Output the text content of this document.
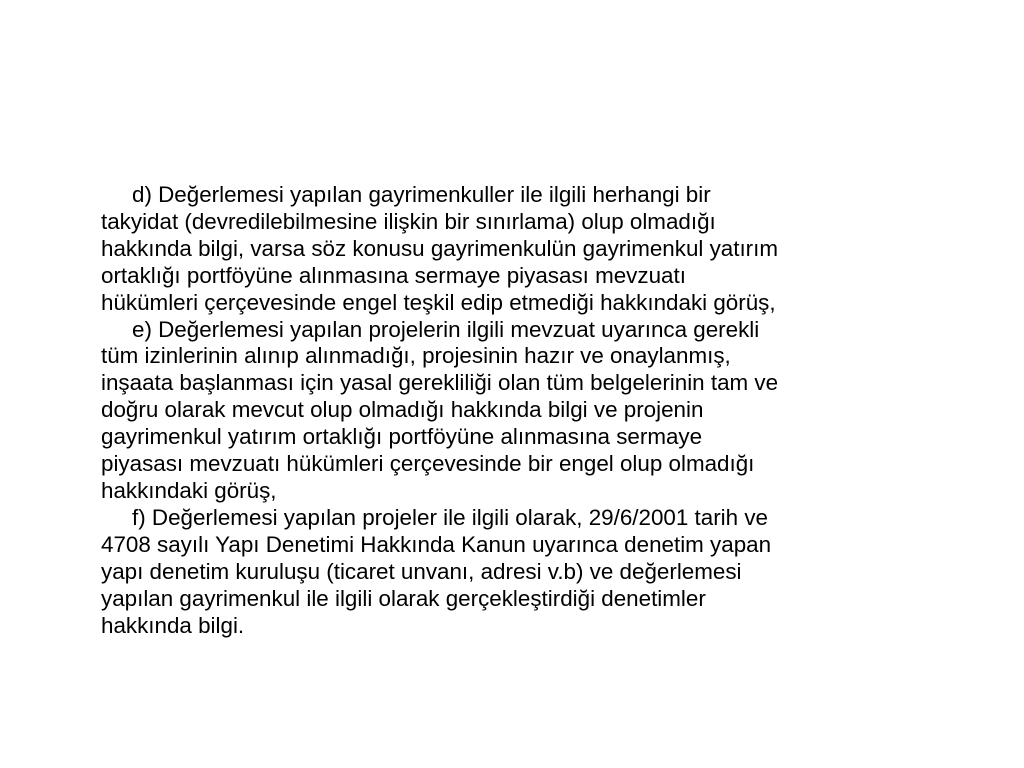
d) Değerlemesi yapılan gayrimenkuller ile ilgili herhangi bir
takyidat (devredilebilmesine ilişkin bir sınırlama) olup olmadığı
hakkında bilgi, varsa söz konusu gayrimenkulün gayrimenkul yatırım
ortaklığı portföyüne alınmasına sermaye piyasası mevzuatı
hükümleri çerçevesinde engel teşkil edip etmediği hakkındaki görüş,
e) Değerlemesi yapılan projelerin ilgili mevzuat uyarınca gerekli
tüm izinlerinin alınıp alınmadığı, projesinin hazır ve onaylanmış,
inşaata başlanması için yasal gerekliliği olan tüm belgelerinin tam ve
doğru olarak mevcut olup olmadığı hakkında bilgi ve projenin
gayrimenkul yatırım ortaklığı portföyüne alınmasına sermaye
piyasası mevzuatı hükümleri çerçevesinde bir engel olup olmadığı
hakkındaki görüş,
f) Değerlemesi yapılan projeler ile ilgili olarak, 29/6/2001 tarih ve
4708 sayılı Yapı Denetimi Hakkında Kanun uyarınca denetim yapan
yapı denetim kuruluşu (ticaret unvanı, adresi v.b) ve değerlemesi
yapılan gayrimenkul ile ilgili olarak gerçekleştirdiği denetimler
hakkında bilgi.
